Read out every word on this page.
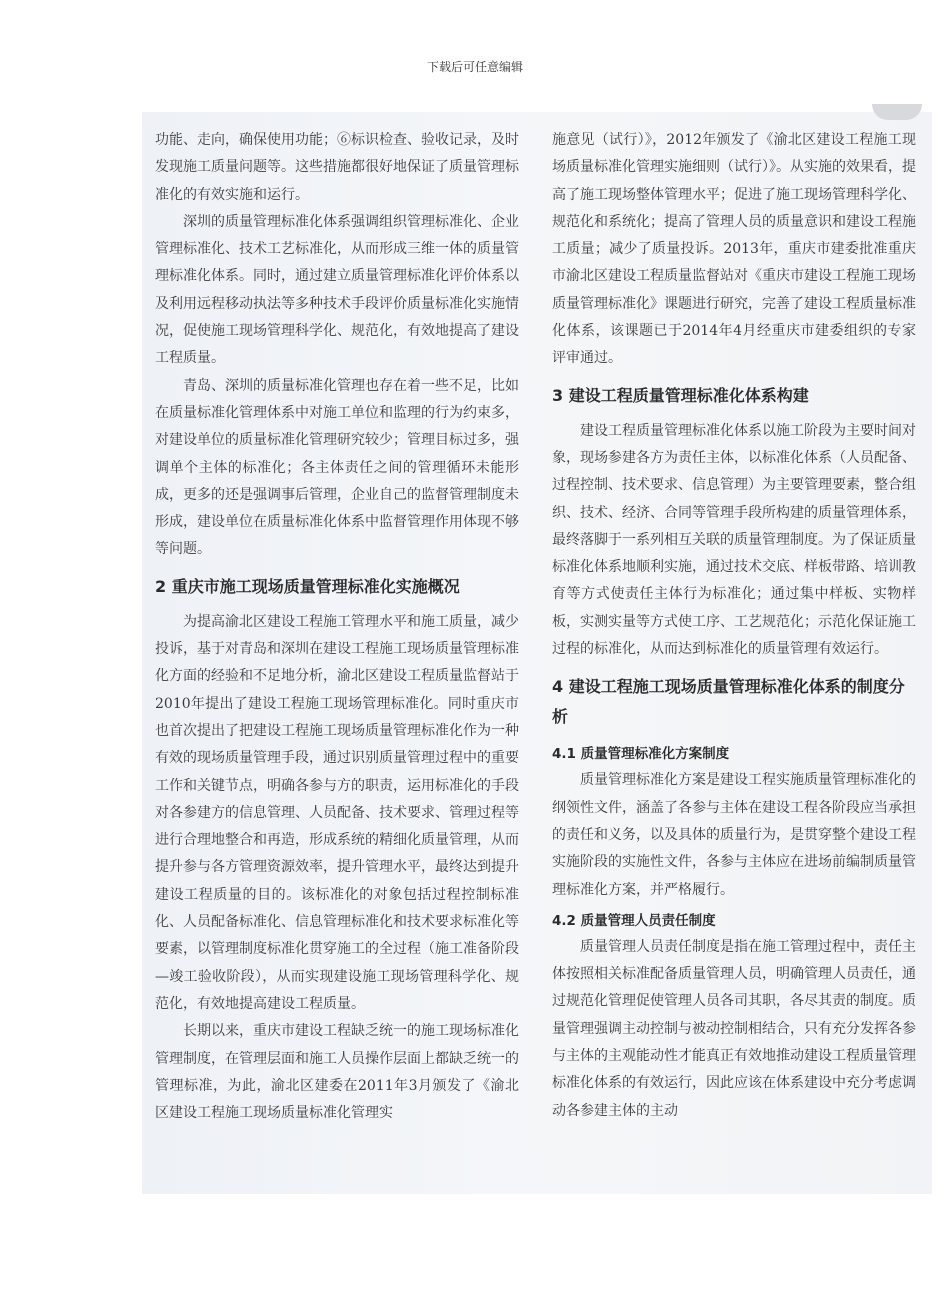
下载后可任意编辑

功能、走向，确保使用功能；⑥标识检查、验收记录，及时发现施工质量问题等。这些措施都很好地保证了质量管理标准化的有效实施和运行。

深圳的质量管理标准化体系强调组织管理标准化、企业管理标准化、技术工艺标准化，从而形成三维一体的质量管理标准化体系。同时，通过建立质量管理标准化评价体系以及利用远程移动执法等多种技术手段评价质量标准化实施情况，促使施工现场管理科学化、规范化，有效地提高了建设工程质量。

青岛、深圳的质量标准化管理也存在着一些不足，比如在质量标准化管理体系中对施工单位和监理的行为约束多，对建设单位的质量标准化管理研究较少；管理目标过多，强调单个主体的标准化；各主体责任之间的管理循环未能形成，更多的还是强调事后管理，企业自己的监督管理制度未形成，建设单位在质量标准化体系中监督管理作用体现不够等问题。

2 重庆市施工现场质量管理标准化实施概况

为提高渝北区建设工程施工管理水平和施工质量，减少投诉，基于对青岛和深圳在建设工程施工现场质量管理标准化方面的经验和不足地分析，渝北区建设工程质量监督站于2010年提出了建设工程施工现场管理标准化。同时重庆市也首次提出了把建设工程施工现场质量管理标准化作为一种有效的现场质量管理手段，通过识别质量管理过程中的重要工作和关键节点，明确各参与方的职责，运用标准化的手段对各参建方的信息管理、人员配备、技术要求、管理过程等进行合理地整合和再造，形成系统的精细化质量管理，从而提升参与各方管理资源效率，提升管理水平，最终达到提升建设工程质量的目的。该标准化的对象包括过程控制标准化、人员配备标准化、信息管理标准化和技术要求标准化等要素，以管理制度标准化贯穿施工的全过程（施工准备阶段—竣工验收阶段），从而实现建设施工现场管理科学化、规范化，有效地提高建设工程质量。

长期以来，重庆市建设工程缺乏统一的施工现场标准化管理制度，在管理层面和施工人员操作层面上都缺乏统一的管理标准，为此，渝北区建委在2011年3月颁发了《渝北区建设工程施工现场质量标准化管理实

施意见（试行）》，2012年颁发了《渝北区建设工程施工现场质量标准化管理实施细则（试行）》。从实施的效果看，提高了施工现场整体管理水平；促进了施工现场管理科学化、规范化和系统化；提高了管理人员的质量意识和建设工程施工质量；减少了质量投诉。2013年，重庆市建委批准重庆市渝北区建设工程质量监督站对《重庆市建设工程施工现场质量管理标准化》课题进行研究，完善了建设工程质量标准化体系，该课题已于2014年4月经重庆市建委组织的专家评审通过。

3 建设工程质量管理标准化体系构建

建设工程质量管理标准化体系以施工阶段为主要时间对象，现场参建各方为责任主体，以标准化体系（人员配备、过程控制、技术要求、信息管理）为主要管理要素，整合组织、技术、经济、合同等管理手段所构建的质量管理体系，最终落脚于一系列相互关联的质量管理制度。为了保证质量标准化体系地顺利实施，通过技术交底、样板带路、培训教育等方式使责任主体行为标准化；通过集中样板、实物样板，实测实量等方式使工序、工艺规范化；示范化保证施工过程的标准化，从而达到标准化的质量管理有效运行。

4 建设工程施工现场质量管理标准化体系的制度分析
4.1 质量管理标准化方案制度

质量管理标准化方案是建设工程实施质量管理标准化的纲领性文件，涵盖了各参与主体在建设工程各阶段应当承担的责任和义务，以及具体的质量行为，是贯穿整个建设工程实施阶段的实施性文件，各参与主体应在进场前编制质量管理标准化方案，并严格履行。

4.2 质量管理人员责任制度

质量管理人员责任制度是指在施工管理过程中，责任主体按照相关标准配备质量管理人员，明确管理人员责任，通过规范化管理促使管理人员各司其职，各尽其责的制度。质量管理强调主动控制与被动控制相结合，只有充分发挥各参与主体的主观能动性才能真正有效地推动建设工程质量管理标准化体系的有效运行，因此应该在体系建设中充分考虑调动各参建主体的主动
